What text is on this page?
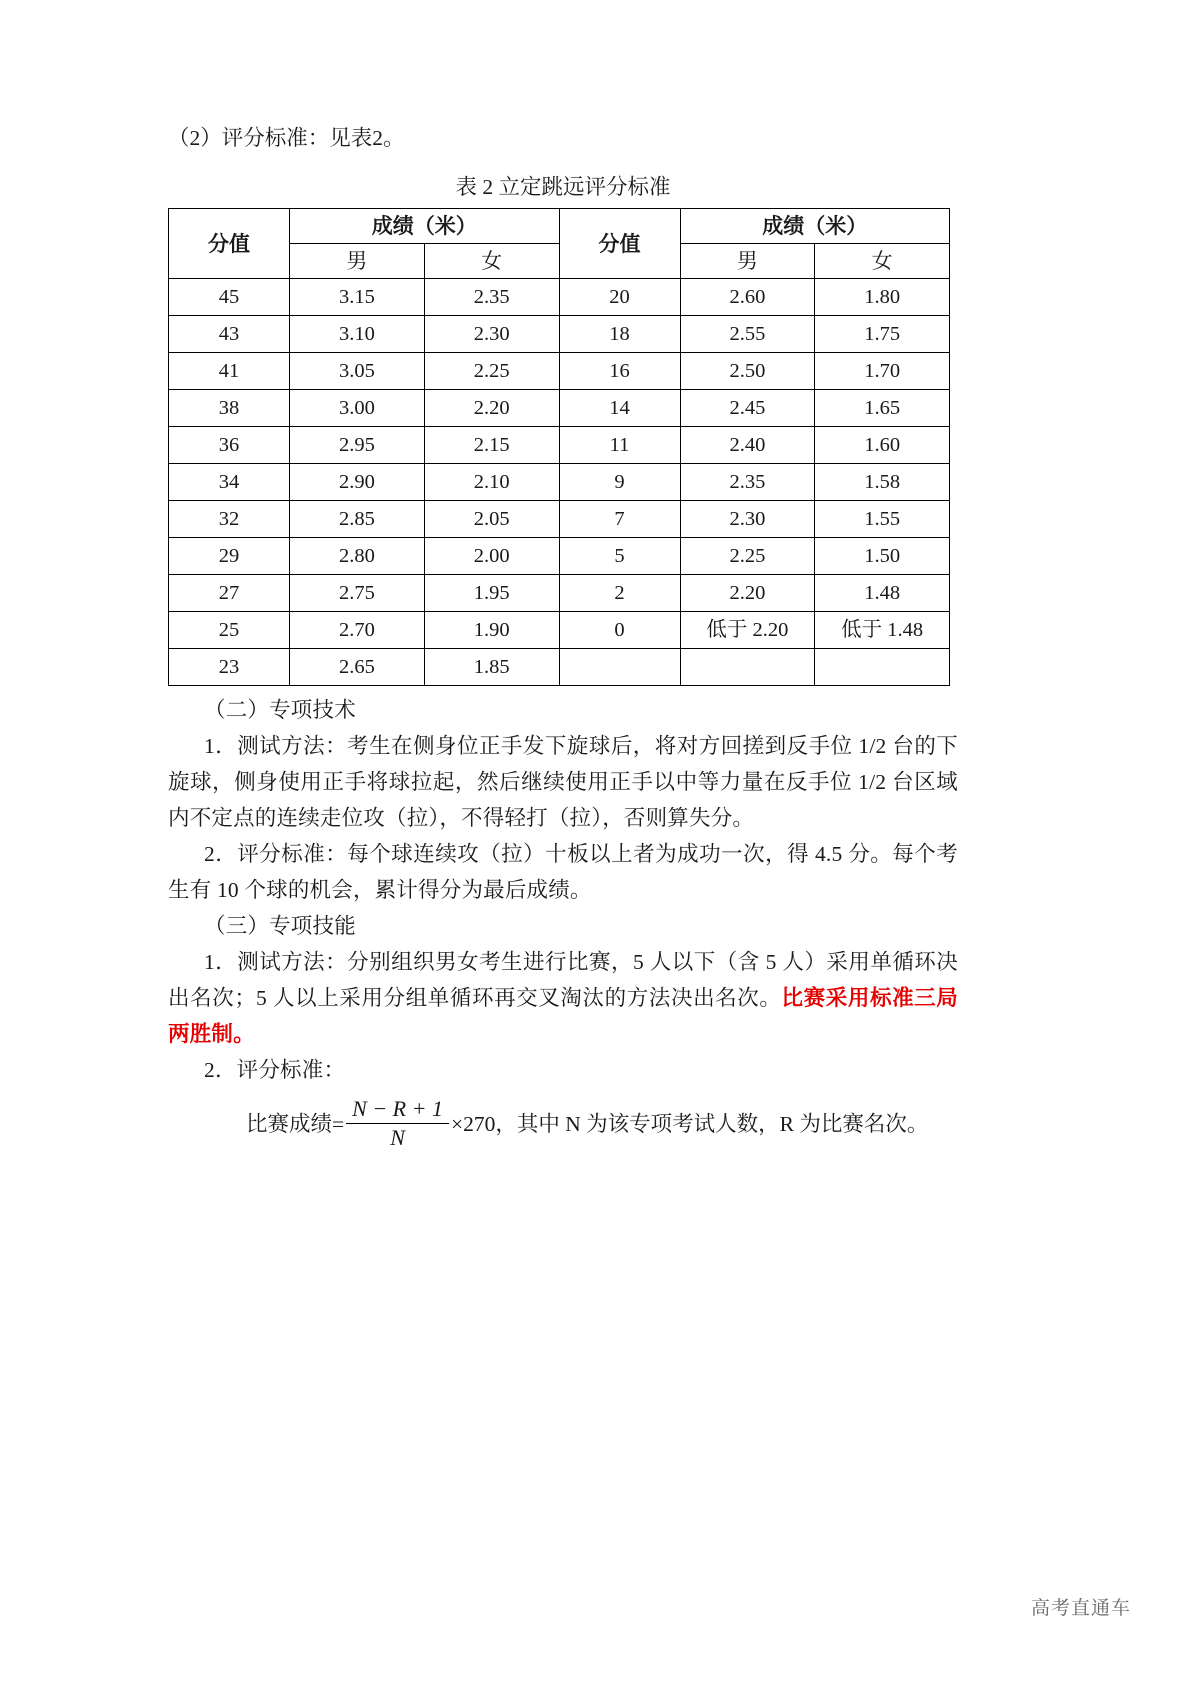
（2）评分标准：见表2。

表 2 立定跳远评分标准
分值	成绩（米）		分值	成绩（米）	
	男	女		男	女
45	3.15	2.35	20	2.60	1.80
43	3.10	2.30	18	2.55	1.75
41	3.05	2.25	16	2.50	1.70
38	3.00	2.20	14	2.45	1.65
36	2.95	2.15	11	2.40	1.60
34	2.90	2.10	9	2.35	1.58
32	2.85	2.05	7	2.30	1.55
29	2.80	2.00	5	2.25	1.50
27	2.75	1.95	2	2.20	1.48
25	2.70	1.90	0	低于 2.20	低于 1.48
23	2.65	1.85			

（二）专项技术

1．测试方法：考生在侧身位正手发下旋球后，将对方回搓到反手位 1/2 台的下旋球，侧身使用正手将球拉起，然后继续使用正手以中等力量在反手位 1/2 台区域内不定点的连续走位攻（拉），不得轻打（拉），否则算失分。

2．评分标准：每个球连续攻（拉）十板以上者为成功一次，得 4.5 分。每个考生有 10 个球的机会，累计得分为最后成绩。

（三）专项技能

1．测试方法：分别组织男女考生进行比赛，5 人以下（含 5 人）采用单循环决出名次；5 人以上采用分组单循环再交叉淘汰的方法决出名次。比赛采用标准三局两胜制。

2．评分标准：

比赛成绩= $\frac{N - R + 1}{N} \times 270$， 其中 N 为该专项考试人数，R 为比赛名次。
高考直通车
